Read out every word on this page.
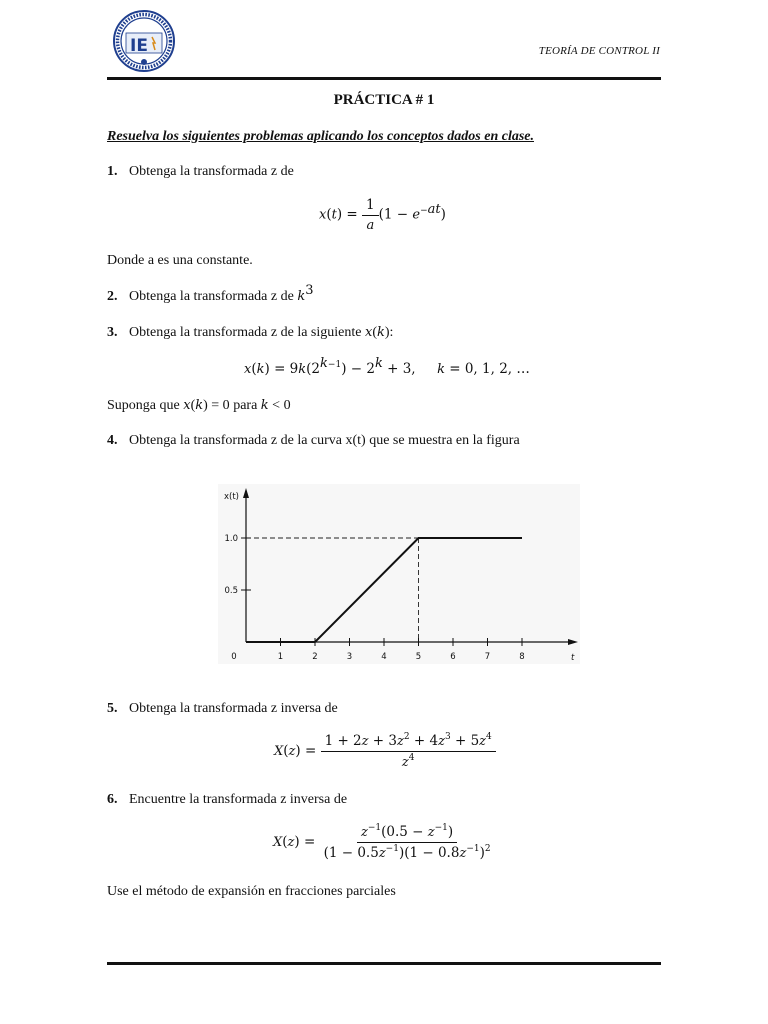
IE	TEORÍA DE CONTROL II
PRÁCTICA # 1
Resuelva los siguientes problemas aplicando los conceptos dados en clase.
1. Obtenga la transformada z de
$x(t) = \frac{1}{a} (1 - e^{-at})$
Donde a es una constante.
2. Obtenga la transformada z de $k^3$
3. Obtenga la transformada z de la siguiente x(k):
$x(k) = 9k(2^{k-1}) - 2^k + 3$,     k = 0, 1, 2, …
Suponga que x(k) = 0 para k < 0
4. Obtenga la transformada z de la curva x(t) que se muestra en la figura
x(t)
t
0	1	2	3	4	5	6	7	8
0.5
1.0
5. Obtenga la transformada z inversa de
$X(z) = \frac{1 + 2z + 3z^2 + 4z^3 + 5z^4}{z^4}$
6. Encuentre la transformada z inversa de
$X(z) = \frac{z^{-1}(0.5 - z^{-1})}{(1 - 0.5z^{-1})(1 - 0.8z^{-1})^2}$
Use el método de expansión en fracciones parciales
